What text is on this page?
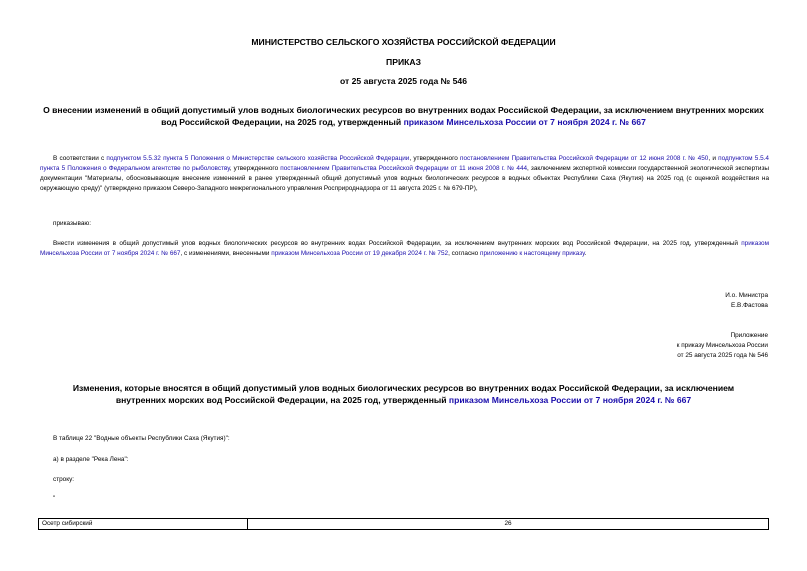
МИНИСТЕРСТВО СЕЛЬСКОГО ХОЗЯЙСТВА РОССИЙСКОЙ ФЕДЕРАЦИИ
ПРИКАЗ
от 25 августа 2025 года № 546
О внесении изменений в общий допустимый улов водных биологических ресурсов во внутренних водах Российской Федерации, за исключением внутренних морских вод Российской Федерации, на 2025 год, утвержденный приказом Минсельхоза России от 7 ноября 2024 г. № 667
В соответствии с подпунктом 5.5.32 пункта 5 Положения о Министерстве сельского хозяйства Российской Федерации, утвержденного постановлением Правительства Российской Федерации от 12 июня 2008 г. № 450, и подпунктом 5.5.4 пункта 5 Положения о Федеральном агентстве по рыболовству, утвержденного постановлением Правительства Российской Федерации от 11 июня 2008 г. № 444, заключением экспертной комиссии государственной экологической экспертизы документации "Материалы, обосновывающие внесение изменений в ранее утвержденный общий допустимый улов водных биологических ресурсов в водных объектах Республики Саха (Якутия) на 2025 год (с оценкой воздействия на окружающую среду)" (утверждено приказом Северо-Западного межрегионального управления Росприроднадзора от 11 августа 2025 г. № 679-ПР),
приказываю:
Внести изменения в общий допустимый улов водных биологических ресурсов во внутренних водах Российской Федерации, за исключением внутренних морских вод Российской Федерации, на 2025 год, утвержденный приказом Минсельхоза России от 7 ноября 2024 г. № 667, с изменениями, внесенными приказом Минсельхоза России от 19 декабря 2024 г. № 752, согласно приложению к настоящему приказу.
И.о. Министра
Е.В.Фастова
Приложение
к приказу Минсельхоза России
от 25 августа 2025 года № 546
Изменения, которые вносятся в общий допустимый улов водных биологических ресурсов во внутренних водах Российской Федерации, за исключением внутренних морских вод Российской Федерации, на 2025 год, утвержденный приказом Минсельхоза России от 7 ноября 2024 г. № 667
В таблице 22 "Водные объекты Республики Саха (Якутия)":
а) в разделе "Река Лена":
строку:
"
Осетр сибирский	26
